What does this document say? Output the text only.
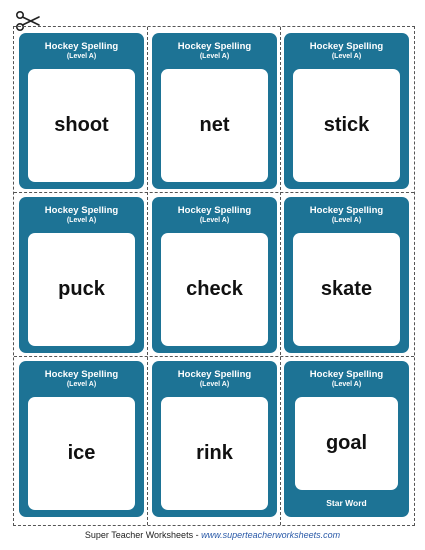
Hockey Spelling
(Level A)
shoot
Hockey Spelling
(Level A)
net
Hockey Spelling
(Level A)
stick
Hockey Spelling
(Level A)
puck
Hockey Spelling
(Level A)
check
Hockey Spelling
(Level A)
skate
Hockey Spelling
(Level A)
ice
Hockey Spelling
(Level A)
rink
Hockey Spelling
(Level A)
goal
Star Word
Super Teacher Worksheets - www.superteacherworksheets.com
